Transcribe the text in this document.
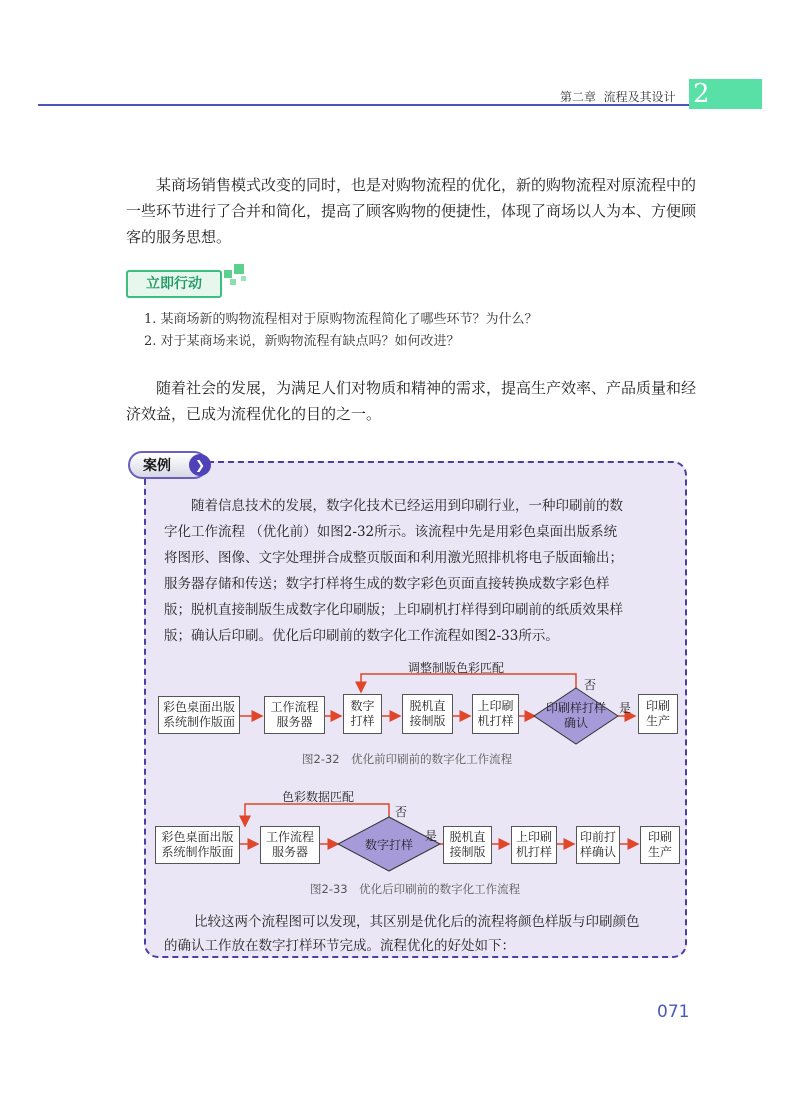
第二章 流程及其设计 2
某商场销售模式改变的同时，也是对购物流程的优化，新的购物流程对原流程中的
一些环节进行了合并和简化，提高了顾客购物的便捷性，体现了商场以人为本、方便顾
客的服务思想。
立即行动
1. 某商场新的购物流程相对于原购物流程简化了哪些环节？为什么？
2. 对于某商场来说，新购物流程有缺点吗？如何改进？
随着社会的发展，为满足人们对物质和精神的需求，提高生产效率、产品质量和经
济效益，已成为流程优化的目的之一。
案例	❯
随着信息技术的发展，数字化技术已经运用到印刷行业，一种印刷前的数
字化工作流程 （优化前）如图2-32所示。该流程中先是用彩色桌面出版系统
将图形、图像、文字处理拼合成整页版面和利用激光照排机将电子版面输出；
服务器存储和传送；数字打样将生成的数字彩色页面直接转换成数字彩色样
版；脱机直接制版生成数字化印刷版；上印刷机打样得到印刷前的纸质效果样
版；确认后印刷。优化后印刷前的数字化工作流程如图2-33所示。
调整制版色彩匹配
否
是
彩色桌面出版
系统制作版面
工作流程
服务器
数字
打样
脱机直
接制版
上印刷
机打样
印刷样打样
确认
印刷
生产
图2-32　优化前印刷前的数字化工作流程
色彩数据匹配
否
是
彩色桌面出版
系统制作版面
工作流程
服务器	数字打样
脱机直
接制版
上印刷
机打样
印前打
样确认
印刷
生产
图2-33　优化后印刷前的数字化工作流程
比较这两个流程图可以发现，其区别是优化后的流程将颜色样版与印刷颜色
的确认工作放在数字打样环节完成。流程优化的好处如下：
071
